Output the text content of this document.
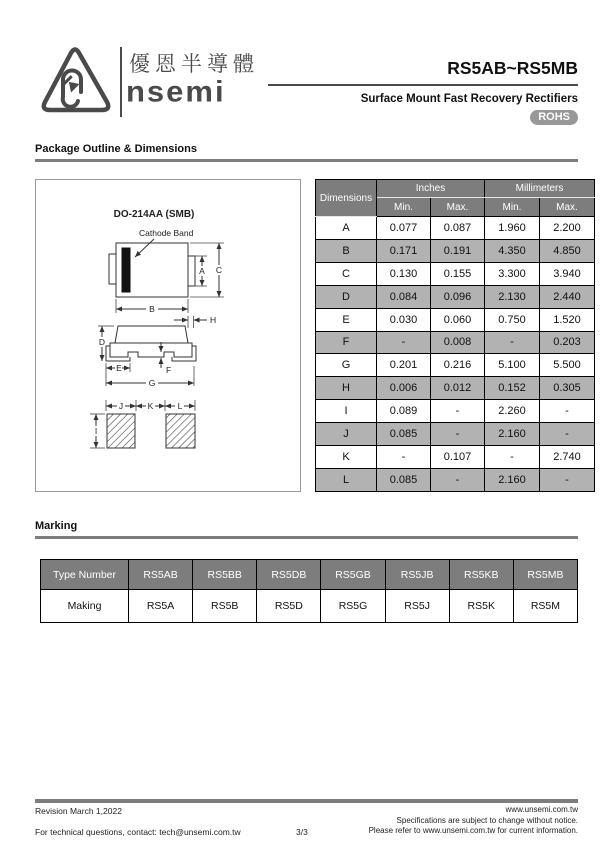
優恩半導體
nsemi
RS5AB~RS5MB
Surface Mount Fast Recovery Rectifiers
ROHS
Package Outline & Dimensions
DO-214AA (SMB)
Cathode Band
A C
B
H
D
E	F
G
J	K	L
I
Dimensions	Inches		Millimeters	
	Min.	Max.	Min.	Max.
A	0.077	0.087	1.960	2.200
B	0.171	0.191	4.350	4.850
C	0.130	0.155	3.300	3.940
D	0.084	0.096	2.130	2.440
E	0.030	0.060	0.750	1.520
F	-	0.008	-	0.203
G	0.201	0.216	5.100	5.500
H	0.006	0.012	0.152	0.305
I	0.089	-	2.260	-
J	0.085	-	2.160	-
K	-	0.107	-	2.740
L	0.085	-	2.160	-
Marking
Type Number	RS5AB	RS5BB	RS5DB	RS5GB	RS5JB	RS5KB	RS5MB
Making	RS5A	RS5B	RS5D	RS5G	RS5J	RS5K	RS5M
Revision March 1,2022
For technical questions, contact: tech@unsemi.com.tw	3/3
www.unsemi.com.tw
Specifications are subject to change without notice.
Please refer to www.unsemi.com.tw for current information.
